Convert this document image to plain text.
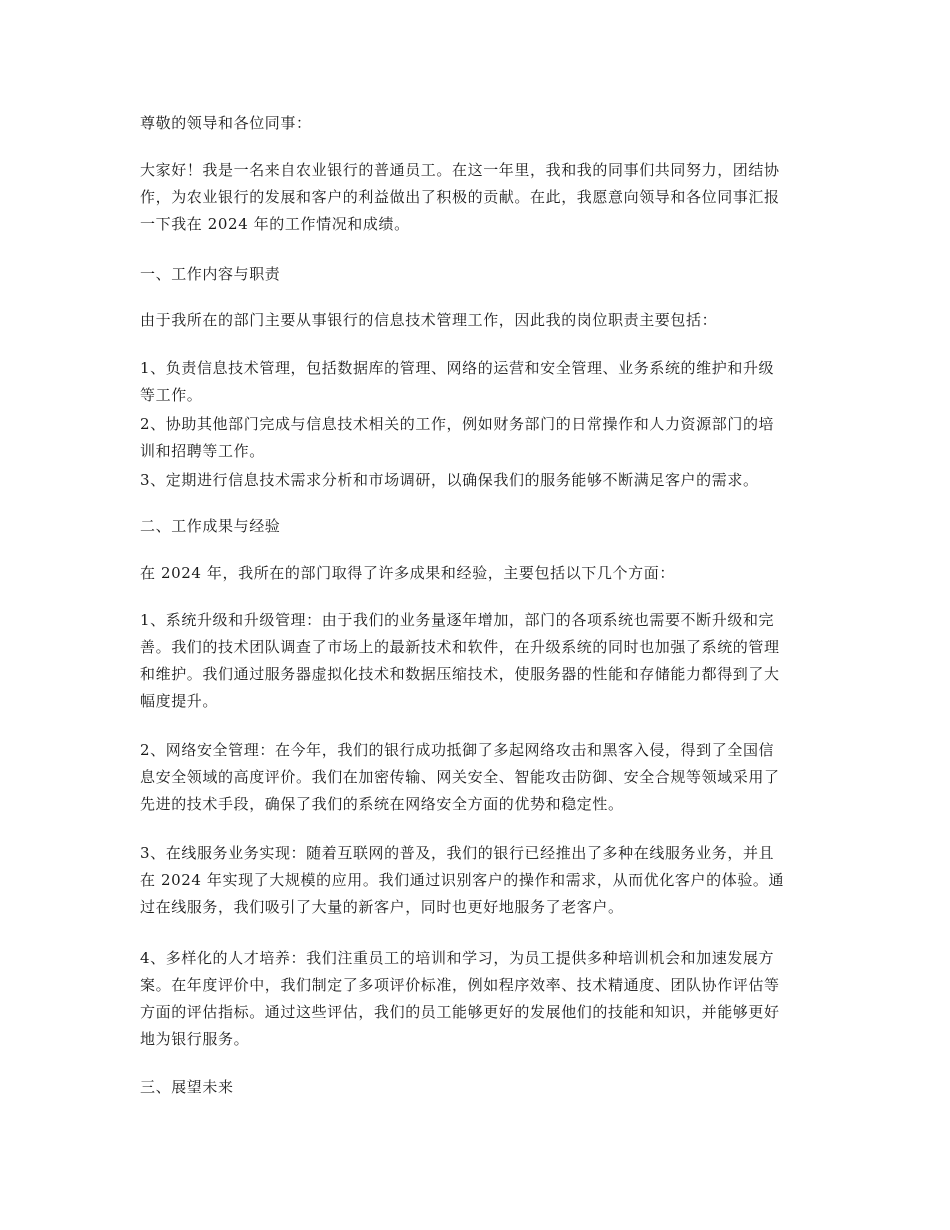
尊敬的领导和各位同事：

大家好！我是一名来自农业银行的普通员工。在这一年里，我和我的同事们共同努力，团结协
作，为农业银行的发展和客户的利益做出了积极的贡献。在此，我愿意向领导和各位同事汇报
一下我在 2024 年的工作情况和成绩。

一、工作内容与职责

由于我所在的部门主要从事银行的信息技术管理工作，因此我的岗位职责主要包括：

1、负责信息技术管理，包括数据库的管理、网络的运营和安全管理、业务系统的维护和升级
等工作。

2、协助其他部门完成与信息技术相关的工作，例如财务部门的日常操作和人力资源部门的培
训和招聘等工作。

3、定期进行信息技术需求分析和市场调研，以确保我们的服务能够不断满足客户的需求。

二、工作成果与经验

在 2024 年，我所在的部门取得了许多成果和经验，主要包括以下几个方面：

1、系统升级和升级管理：由于我们的业务量逐年增加，部门的各项系统也需要不断升级和完
善。我们的技术团队调查了市场上的最新技术和软件，在升级系统的同时也加强了系统的管理
和维护。我们通过服务器虚拟化技术和数据压缩技术，使服务器的性能和存储能力都得到了大
幅度提升。

2、网络安全管理：在今年，我们的银行成功抵御了多起网络攻击和黑客入侵，得到了全国信
息安全领域的高度评价。我们在加密传输、网关安全、智能攻击防御、安全合规等领域采用了
先进的技术手段，确保了我们的系统在网络安全方面的优势和稳定性。

3、在线服务业务实现：随着互联网的普及，我们的银行已经推出了多种在线服务业务，并且
在 2024 年实现了大规模的应用。我们通过识别客户的操作和需求，从而优化客户的体验。通
过在线服务，我们吸引了大量的新客户，同时也更好地服务了老客户。

4、多样化的人才培养：我们注重员工的培训和学习，为员工提供多种培训机会和加速发展方
案。在年度评价中，我们制定了多项评价标准，例如程序效率、技术精通度、团队协作评估等
方面的评估指标。通过这些评估，我们的员工能够更好的发展他们的技能和知识，并能够更好
地为银行服务。

三、展望未来
